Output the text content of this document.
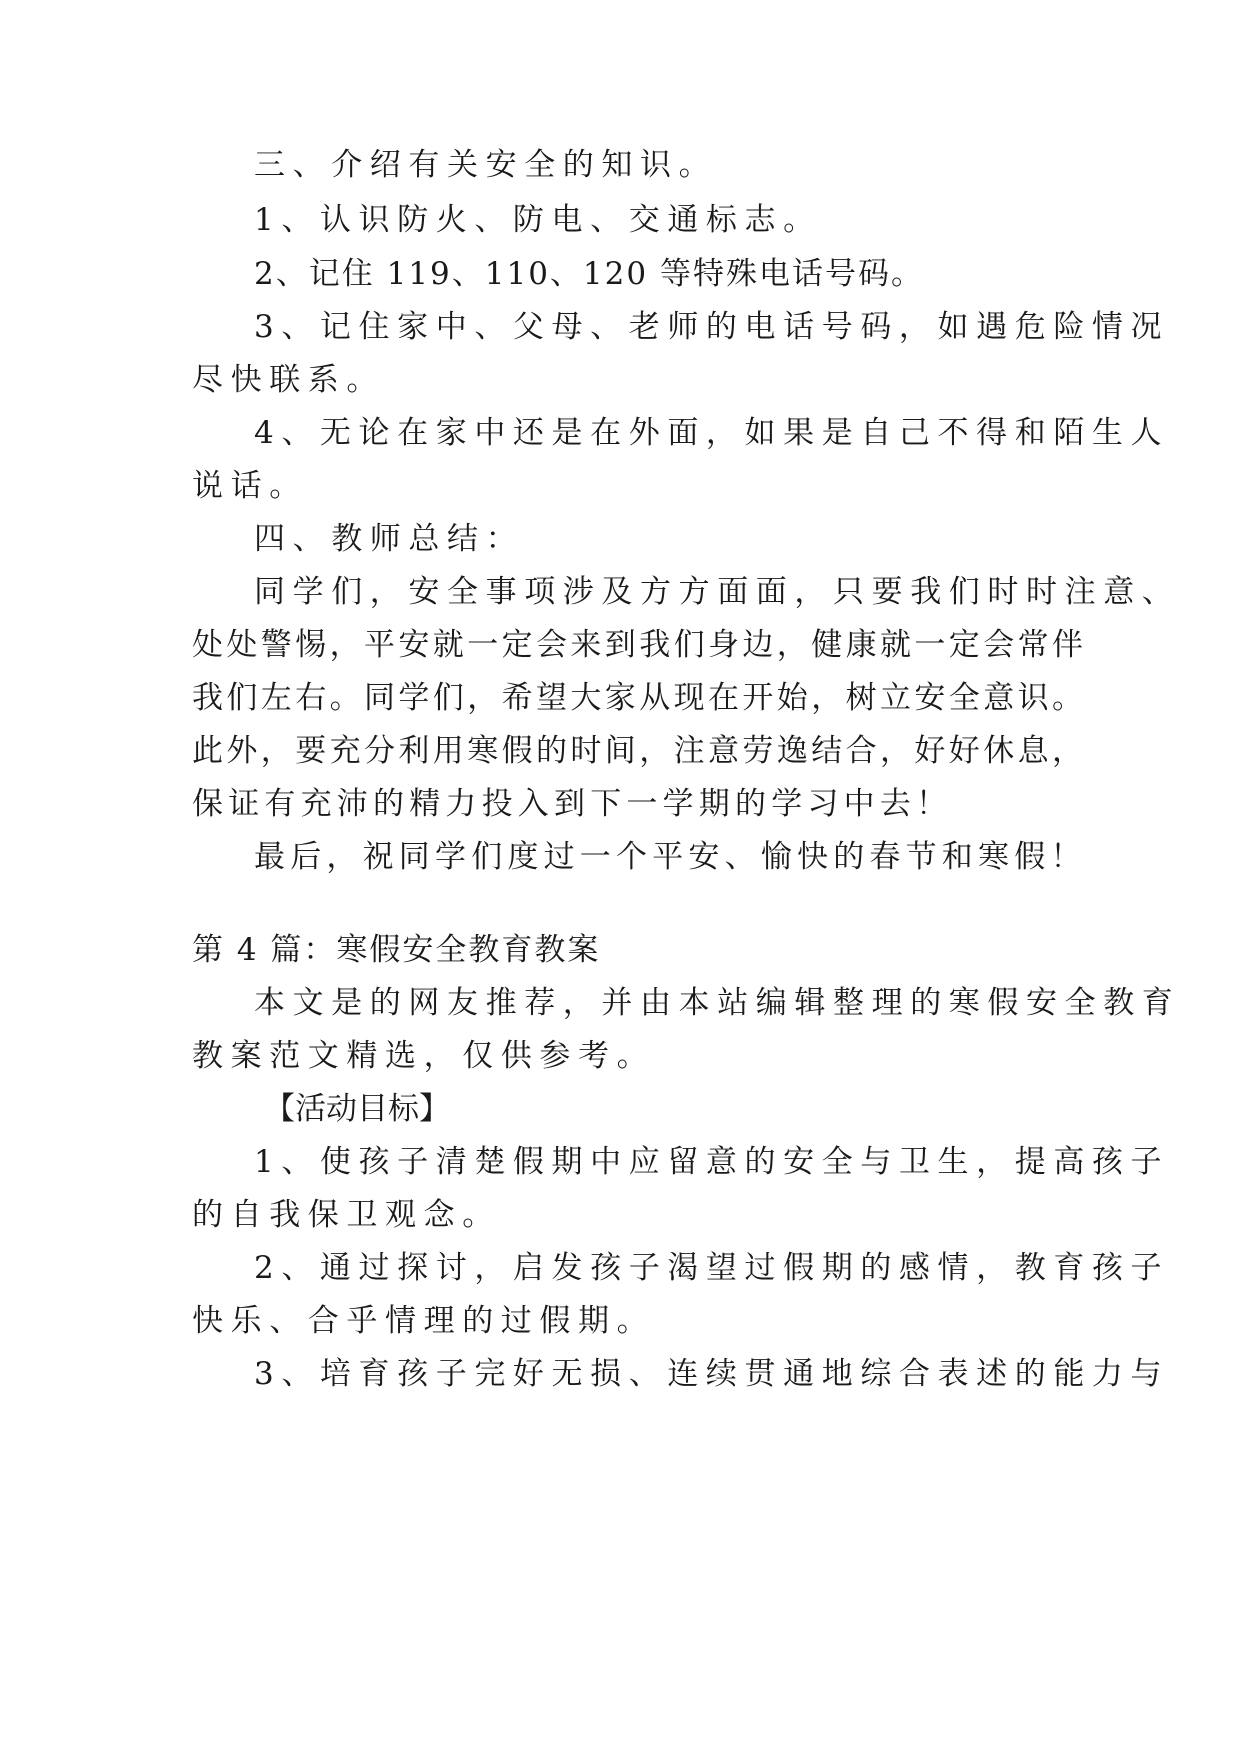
三、介绍有关安全的知识。
1、认识防火、防电、交通标志。
2、记住 119、110、120 等特殊电话号码。
3、记住家中、父母、老师的电话号码，如遇危险情况
尽快联系。
4、无论在家中还是在外面，如果是自己不得和陌生人
说话。
四、教师总结：
同学们，安全事项涉及方方面面，只要我们时时注意、
处处警惕，平安就一定会来到我们身边，健康就一定会常伴
我们左右。同学们，希望大家从现在开始，树立安全意识。
此外，要充分利用寒假的时间，注意劳逸结合，好好休息，
保证有充沛的精力投入到下一学期的学习中去！
最后，祝同学们度过一个平安、愉快的春节和寒假！
第 4 篇：寒假安全教育教案
本文是的网友推荐，并由本站编辑整理的寒假安全教育
教案范文精选，仅供参考。
【活动目标】
1、使孩子清楚假期中应留意的安全与卫生，提高孩子
的自我保卫观念。
2、通过探讨，启发孩子渴望过假期的感情，教育孩子
快乐、合乎情理的过假期。
3、培育孩子完好无损、连续贯通地综合表述的能力与
